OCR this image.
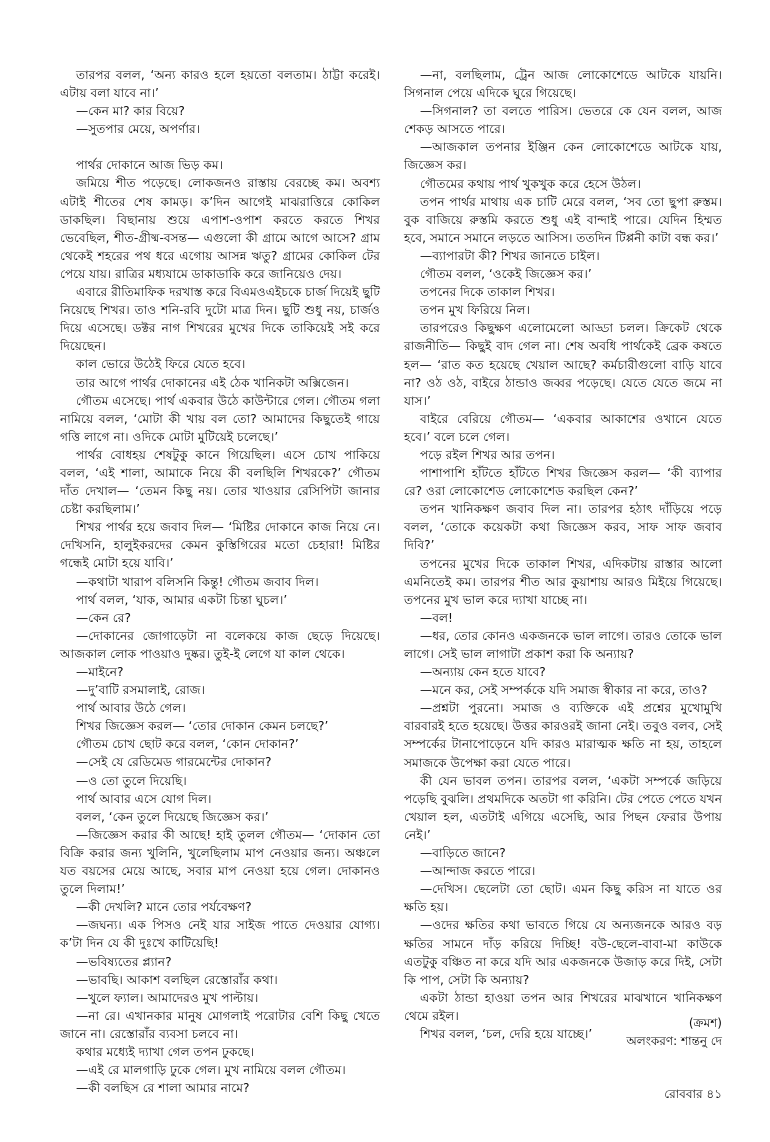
তারপর বলল, ‘অন্য কারও হলে হয়তো বলতাম। ঠাট্টা করেই। এটায় বলা যাবে না।’

—কেন মা? কার বিয়ে?

—সুতপার মেয়ে, অপর্ণার।

পার্থর দোকানে আজ ভিড় কম।

জমিয়ে শীত পড়েছে। লোকজনও রাস্তায় বেরচ্ছে কম। অবশ্য এটাই শীতের শেষ কামড়। ক’দিন আগেই মাঝরাত্তিরে কোকিল ডাকছিল। বিছানায় শুয়ে এপাশ-ওপাশ করতে করতে শিখর ভেবেছিল, শীত-গ্রীষ্ম-বসন্ত— এগুলো কী গ্রামে আগে আসে? গ্রাম থেকেই শহরের পথ ধরে এগোয় আসন্ন ঋতু? গ্রামের কোকিল টের পেয়ে যায়। রাত্রির মধ্যযামে ডাকাডাকি করে জানিয়েও দেয়।

এবারে রীতিমাফিক দরখাস্ত করে বিএমওএইচকে চার্জ দিয়েই ছুটি নিয়েছে শিখর। তাও শনি-রবি দুটো মাত্র দিন। ছুটি শুধু নয়, চার্জও দিয়ে এসেছে। ডক্টর নাগ শিখরের মুখের দিকে তাকিয়েই সই করে দিয়েছেন।

কাল ভোরে উঠেই ফিরে যেতে হবে।

তার আগে পার্থর দোকানের এই ঠেক খানিকটা অক্সিজেন।

গৌতম এসেছে। পার্থ একবার উঠে কাউন্টারে গেল। গৌতম গলা নামিয়ে বলল, ‘মোটা কী খায় বল তো? আমাদের কিছুতেই গায়ে গত্তি লাগে না। ওদিকে মোটা মুটিয়েই চলেছে।’

পার্থর বোধহয় শেষটুকু কানে গিয়েছিল। এসে চোখ পাকিয়ে বলল, ‘এই শালা, আমাকে নিয়ে কী বলছিলি শিখরকে?’ গৌতম দাঁত দেখাল— ‘তেমন কিছু নয়। তোর খাওয়ার রেসিপিটা জানার চেষ্টা করছিলাম।’

শিখর পার্থর হয়ে জবাব দিল— ‘মিষ্টির দোকানে কাজ নিয়ে নে। দেখিসনি, হালুইকরদের কেমন কুস্তিগিরের মতো চেহারা! মিষ্টির গন্ধেই মোটা হয়ে যাবি।’

—কথাটা খারাপ বলিসনি কিন্তু! গৌতম জবাব দিল।

পার্থ বলল, ‘যাক, আমার একটা চিন্তা ঘুচল।’

—কেন রে?

—দোকানের জোগাড়েটা না বলেকয়ে কাজ ছেড়ে দিয়েছে। আজকাল লোক পাওয়াও দুষ্কর। তুই-ই লেগে যা কাল থেকে।

—মাইনে?

—দু’বাটি রসমালাই, রোজ।

পার্থ আবার উঠে গেল।

শিখর জিজ্ঞেস করল— ‘তোর দোকান কেমন চলছে?’

গৌতম চোখ ছোট করে বলল, ‘কোন দোকান?’

—সেই যে রেডিমেড গারমেন্টের দোকান?

—ও তো তুলে দিয়েছি।

পার্থ আবার এসে যোগ দিল।

বলল, ‘কেন তুলে দিয়েছে জিজ্ঞেস কর।’

—জিজ্ঞেস করার কী আছে! হাই তুলল গৌতম— ‘দোকান তো বিক্রি করার জন্য খুলিনি, খুলেছিলাম মাপ নেওয়ার জন্য। অঞ্চলে যত বয়সের মেয়ে আছে, সবার মাপ নেওয়া হয়ে গেল। দোকানও তুলে দিলাম!’

—কী দেখলি? মানে তোর পর্যবেক্ষণ?

—জঘন্য। এক পিসও নেই যার সাইজ পাতে দেওয়ার যোগ্য। ক’টা দিন যে কী দুঃখে কাটিয়েছি!

—ভবিষ্যতের প্ল্যান?

—ভাবছি। আকাশ বলছিল রেস্তোরাঁর কথা।

—খুলে ফ্যাল। আমাদেরও মুখ পাল্টায়।

—না রে। এখানকার মানুষ মোগলাই পরোটার বেশি কিছু খেতে জানে না। রেস্তোরাঁর ব্যবসা চলবে না।

কথার মধ্যেই দ্যাখা গেল তপন ঢুকছে।

—এই রে মালগাড়ি ঢুকে গেল। মুখ নামিয়ে বলল গৌতম।

—কী বলছিস রে শালা আমার নামে?

—না, বলছিলাম, ট্রেন আজ লোকোশেডে আটকে যায়নি। সিগনাল পেয়ে এদিকে ঘুরে গিয়েছে।

—সিগনাল? তা বলতে পারিস। ভেতরে কে যেন বলল, আজ শেকড় আসতে পারে।

—আজকাল তপনার ইঞ্জিন কেন লোকোশেডে আটকে যায়, জিজ্ঞেস কর।

গৌতমের কথায় পার্থ খুকখুক করে হেসে উঠল।

তপন পার্থর মাথায় এক চাটি মেরে বলল, ‘সব তো ছুপা রুস্তম। বুক বাজিয়ে রুস্তমি করতে শুধু এই বান্দাই পারে। যেদিন হিম্মত হবে, সমানে সমানে লড়তে আসিস। ততদিন টিপ্পনী কাটা বন্ধ কর।’

—ব্যাপারটা কী? শিখর জানতে চাইল।

গৌতম বলল, ‘ওকেই জিজ্ঞেস কর।’

তপনের দিকে তাকাল শিখর।

তপন মুখ ফিরিয়ে নিল।

তারপরেও কিছুক্ষণ এলোমেলো আড্ডা চলল। ক্রিকেট থেকে রাজনীতি— কিছুই বাদ গেল না। শেষ অবধি পার্থকেই ব্রেক কষতে হল— ‘রাত কত হয়েছে খেয়াল আছে? কর্মচারীগুলো বাড়ি যাবে না? ওঠ ওঠ, বাইরে ঠান্ডাও জব্বর পড়েছে। যেতে যেতে জমে না যাস।’

বাইরে বেরিয়ে গৌতম— ‘একবার আকাশের ওখানে যেতে হবে।’ বলে চলে গেল।

পড়ে রইল শিখর আর তপন।

পাশাপাশি হাঁটতে হাঁটতে শিখর জিজ্ঞেস করল— ‘কী ব্যাপার রে? ওরা লোকোশেড লোকোশেড করছিল কেন?’

তপন খানিকক্ষণ জবাব দিল না। তারপর হঠাৎ দাঁড়িয়ে পড়ে বলল, ‘তোকে কয়েকটা কথা জিজ্ঞেস করব, সাফ সাফ জবাব দিবি?’

তপনের মুখের দিকে তাকাল শিখর, এদিকটায় রাস্তার আলো এমনিতেই কম। তারপর শীত আর কুয়াশায় আরও মিইয়ে গিয়েছে। তপনের মুখ ভাল করে দ্যাখা যাচ্ছে না।

—বল!

—ধর, তোর কোনও একজনকে ভাল লাগে। তারও তোকে ভাল লাগে। সেই ভাল লাগাটা প্রকাশ করা কি অন্যায়?

—অন্যায় কেন হতে যাবে?

—মনে কর, সেই সম্পর্ককে যদি সমাজ স্বীকার না করে, তাও?

—প্রশ্নটা পুরনো। সমাজ ও ব্যক্তিকে এই প্রশ্নের মুখোমুখি বারবারই হতে হয়েছে। উত্তর কারওরই জানা নেই। তবুও বলব, সেই সম্পর্কের টানাপোড়েনে যদি কারও মারাত্মক ক্ষতি না হয়, তাহলে সমাজকে উপেক্ষা করা যেতে পারে।

কী যেন ভাবল তপন। তারপর বলল, ‘একটা সম্পর্কে জড়িয়ে পড়েছি বুঝলি। প্রথমদিকে অতটা গা করিনি। টের পেতে পেতে যখন খেয়াল হল, এতটাই এগিয়ে এসেছি, আর পিছন ফেরার উপায় নেই।’

—বাড়িতে জানে?

—আন্দাজ করতে পারে।

—দেখিস। ছেলেটা তো ছোট। এমন কিছু করিস না যাতে ওর ক্ষতি হয়।

—ওদের ক্ষতির কথা ভাবতে গিয়ে যে অন্যজনকে আরও বড় ক্ষতির সামনে দাঁড় করিয়ে দিচ্ছি! বউ-ছেলে-বাবা-মা কাউকে এতটুকু বঞ্চিত না করে যদি আর একজনকে উজাড় করে দিই, সেটা কি পাপ, সেটা কি অন্যায়?

একটা ঠান্ডা হাওয়া তপন আর শিখরের মাঝখানে খানিকক্ষণ থেমে রইল।

শিখর বলল, ‘চল, দেরি হয়ে যাচ্ছে।’

(ক্রমশ)
অলংকরণ: শান্তনু দে
রোববার ৪১
